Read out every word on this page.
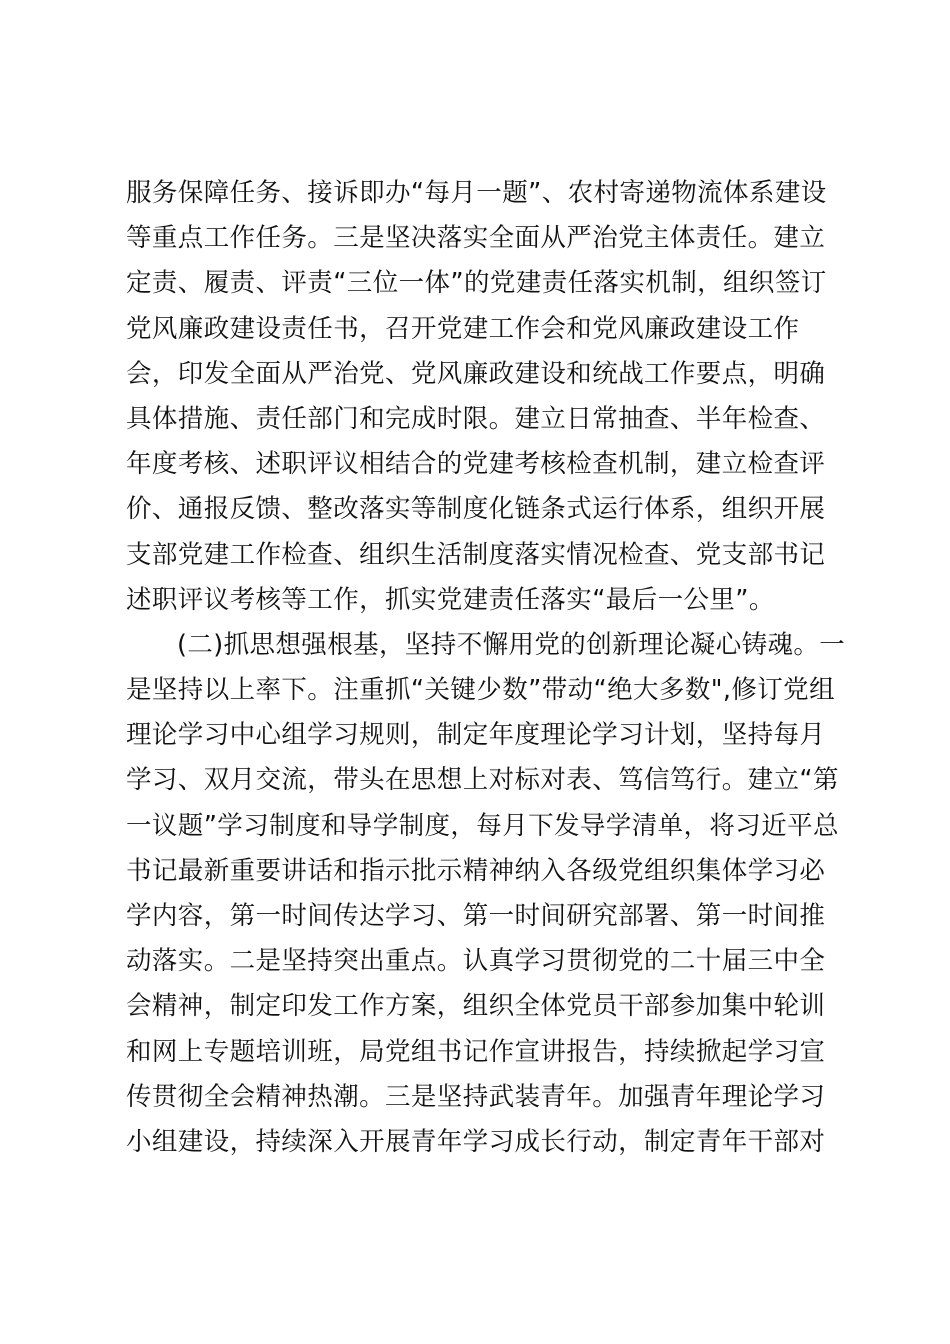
服务保障任务、接诉即办“每月一题”、农村寄递物流体系建设
等重点工作任务。三是坚决落实全面从严治党主体责任。建立
定责、履责、评责“三位一体”的党建责任落实机制，组织签订
党风廉政建设责任书，召开党建工作会和党风廉政建设工作
会，印发全面从严治党、党风廉政建设和统战工作要点，明确
具体措施、责任部门和完成时限。建立日常抽查、半年检查、
年度考核、述职评议相结合的党建考核检查机制，建立检查评
价、通报反馈、整改落实等制度化链条式运行体系，组织开展
支部党建工作检查、组织生活制度落实情况检查、党支部书记
述职评议考核等工作，抓实党建责任落实“最后一公里”。
(二)抓思想强根基，坚持不懈用党的创新理论凝心铸魂。一
是坚持以上率下。注重抓“关键少数”带动“绝大多数",修订党组
理论学习中心组学习规则，制定年度理论学习计划，坚持每月
学习、双月交流，带头在思想上对标对表、笃信笃行。建立“第
一议题”学习制度和导学制度，每月下发导学清单，将习近平总
书记最新重要讲话和指示批示精神纳入各级党组织集体学习必
学内容，第一时间传达学习、第一时间研究部署、第一时间推
动落实。二是坚持突出重点。认真学习贯彻党的二十届三中全
会精神，制定印发工作方案，组织全体党员干部参加集中轮训
和网上专题培训班，局党组书记作宣讲报告，持续掀起学习宣
传贯彻全会精神热潮。三是坚持武装青年。加强青年理论学习
小组建设，持续深入开展青年学习成长行动，制定青年干部对
